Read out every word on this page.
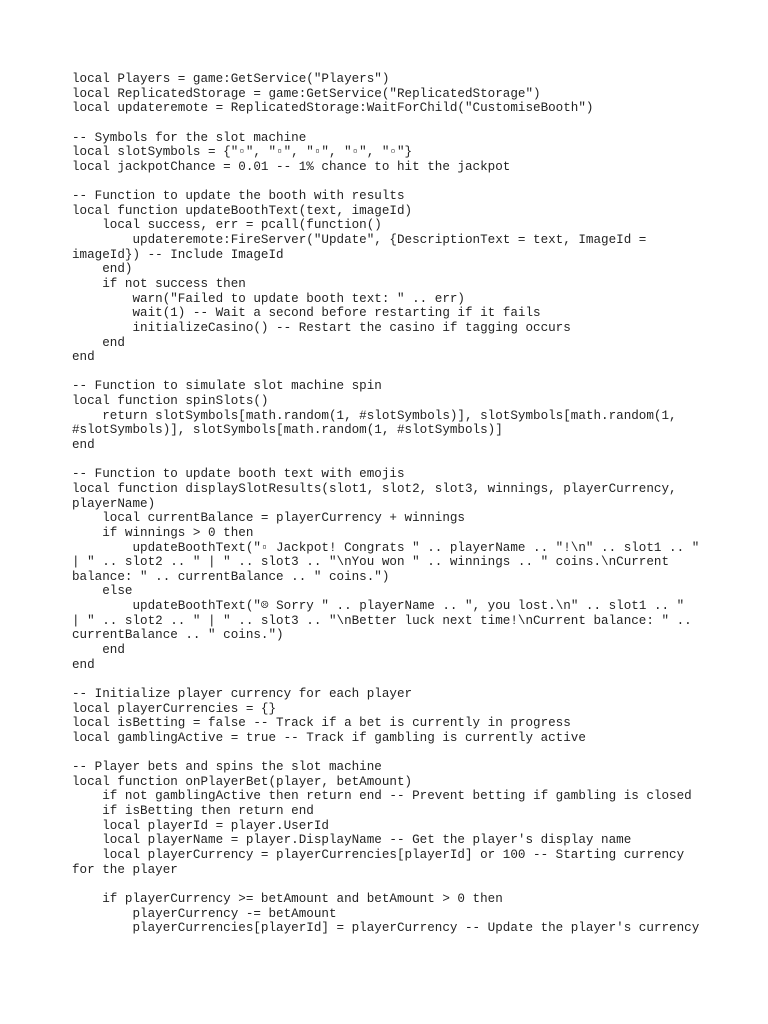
local Players = game:GetService("Players")
local ReplicatedStorage = game:GetService("ReplicatedStorage")
local updateremote = ReplicatedStorage:WaitForChild("CustomiseBooth")
-- Symbols for the slot machine
local slotSymbols = {"▫", "▫", "▫", "▫", "▫"}
local jackpotChance = 0.01 -- 1% chance to hit the jackpot
-- Function to update the booth with results
local function updateBoothText(text, imageId)
local success, err = pcall(function()
updateremote:FireServer("Update", {DescriptionText = text, ImageId =
imageId}) -- Include ImageId
end)
if not success then
warn("Failed to update booth text: " .. err)
wait(1) -- Wait a second before restarting if it fails
initializeCasino() -- Restart the casino if tagging occurs
end
end
-- Function to simulate slot machine spin
local function spinSlots()
return slotSymbols[math.random(1, #slotSymbols)], slotSymbols[math.random(1,
#slotSymbols)], slotSymbols[math.random(1, #slotSymbols)]
end
-- Function to update booth text with emojis
local function displaySlotResults(slot1, slot2, slot3, winnings, playerCurrency,
playerName)
local currentBalance = playerCurrency + winnings
if winnings > 0 then
updateBoothText("▫ Jackpot! Congrats " .. playerName .. "!\n" .. slot1 .. "
| " .. slot2 .. " | " .. slot3 .. "\nYou won " .. winnings .. " coins.\nCurrent
balance: " .. currentBalance .. " coins.")
else
updateBoothText("☹ Sorry " .. playerName .. ", you lost.\n" .. slot1 .. "
| " .. slot2 .. " | " .. slot3 .. "\nBetter luck next time!\nCurrent balance: " ..
currentBalance .. " coins.")
end
end
-- Initialize player currency for each player
local playerCurrencies = {}
local isBetting = false -- Track if a bet is currently in progress
local gamblingActive = true -- Track if gambling is currently active
-- Player bets and spins the slot machine
local function onPlayerBet(player, betAmount)
if not gamblingActive then return end -- Prevent betting if gambling is closed
if isBetting then return end
local playerId = player.UserId
local playerName = player.DisplayName -- Get the player's display name
local playerCurrency = playerCurrencies[playerId] or 100 -- Starting currency
for the player
if playerCurrency >= betAmount and betAmount > 0 then
playerCurrency -= betAmount
playerCurrencies[playerId] = playerCurrency -- Update the player's currency
